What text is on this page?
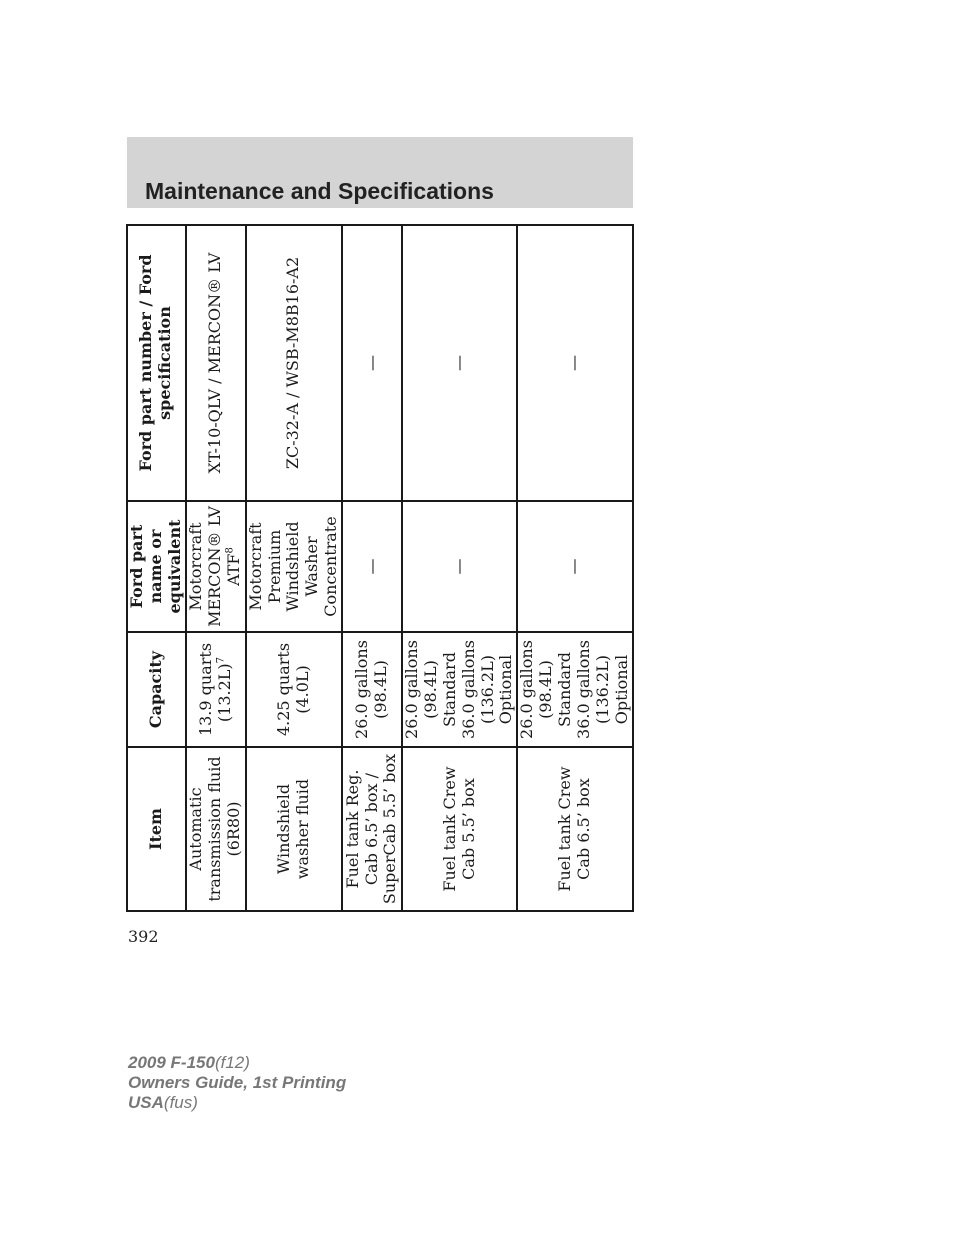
Maintenance and Specifications
Item	Capacity	Ford part name or equivalent	Ford part number / Ford specification
Automatic transmission fluid (6R80)	13.9 quarts $(13.2L)^7$	Motorcraft MERCON® LV ATF$^8$	XT-10-QLV / MERCON® LV
Windshield washer fluid	4.25 quarts (4.0L)	Motorcraft Premium Windshield Washer Concentrate	ZC-32-A / WSB-M8B16-A2
Fuel tank Reg. Cab 6.5’ box / SuperCab 5.5’ box	26.0 gallons (98.4L)	—	—
Fuel tank Crew Cab 5.5’ box	26.0 gallons (98.4L) Standard 36.0 gallons (136.2L) Optional	—	—
Fuel tank Crew Cab 6.5’ box	26.0 gallons (98.4L) Standard 36.0 gallons (136.2L) Optional	—	—

392

2009 F-150(f12)
Owners Guide, 1st Printing
USA(fus)
